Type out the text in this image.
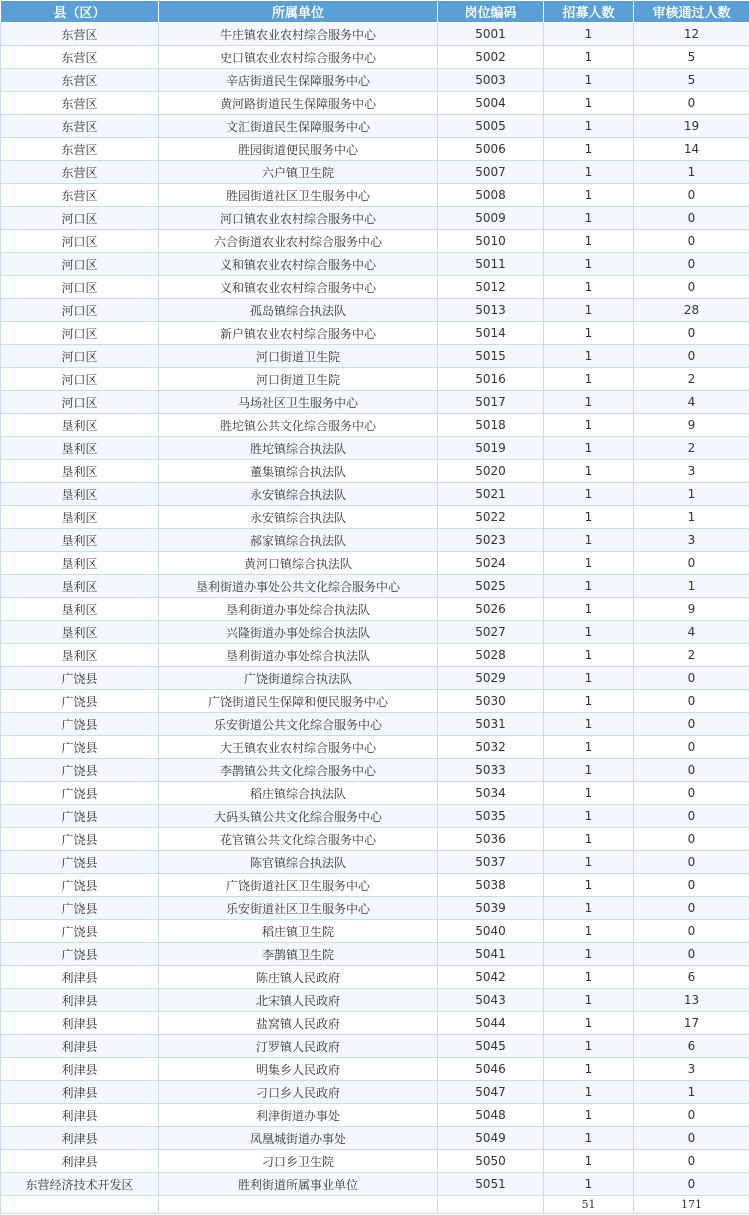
县（区）	所属单位	岗位编码	招募人数	审核通过人数
东营区	牛庄镇农业农村综合服务中心	5001	1	12
东营区	史口镇农业农村综合服务中心	5002	1	5
东营区	辛店街道民生保障服务中心	5003	1	5
东营区	黄河路街道民生保障服务中心	5004	1	0
东营区	文汇街道民生保障服务中心	5005	1	19
东营区	胜园街道便民服务中心	5006	1	14
东营区	六户镇卫生院	5007	1	1
东营区	胜园街道社区卫生服务中心	5008	1	0
河口区	河口镇农业农村综合服务中心	5009	1	0
河口区	六合街道农业农村综合服务中心	5010	1	0
河口区	义和镇农业农村综合服务中心	5011	1	0
河口区	义和镇农业农村综合服务中心	5012	1	0
河口区	孤岛镇综合执法队	5013	1	28
河口区	新户镇农业农村综合服务中心	5014	1	0
河口区	河口街道卫生院	5015	1	0
河口区	河口街道卫生院	5016	1	2
河口区	马场社区卫生服务中心	5017	1	4
垦利区	胜坨镇公共文化综合服务中心	5018	1	9
垦利区	胜坨镇综合执法队	5019	1	2
垦利区	董集镇综合执法队	5020	1	3
垦利区	永安镇综合执法队	5021	1	1
垦利区	永安镇综合执法队	5022	1	1
垦利区	郝家镇综合执法队	5023	1	3
垦利区	黄河口镇综合执法队	5024	1	0
垦利区	垦利街道办事处公共文化综合服务中心	5025	1	1
垦利区	垦利街道办事处综合执法队	5026	1	9
垦利区	兴隆街道办事处综合执法队	5027	1	4
垦利区	垦利街道办事处综合执法队	5028	1	2
广饶县	广饶街道综合执法队	5029	1	0
广饶县	广饶街道民生保障和便民服务中心	5030	1	0
广饶县	乐安街道公共文化综合服务中心	5031	1	0
广饶县	大王镇农业农村综合服务中心	5032	1	0
广饶县	李鹊镇公共文化综合服务中心	5033	1	0
广饶县	稻庄镇综合执法队	5034	1	0
广饶县	大码头镇公共文化综合服务中心	5035	1	0
广饶县	花官镇公共文化综合服务中心	5036	1	0
广饶县	陈官镇综合执法队	5037	1	0
广饶县	广饶街道社区卫生服务中心	5038	1	0
广饶县	乐安街道社区卫生服务中心	5039	1	0
广饶县	稻庄镇卫生院	5040	1	0
广饶县	李鹊镇卫生院	5041	1	0
利津县	陈庄镇人民政府	5042	1	6
利津县	北宋镇人民政府	5043	1	13
利津县	盐窝镇人民政府	5044	1	17
利津县	汀罗镇人民政府	5045	1	6
利津县	明集乡人民政府	5046	1	3
利津县	刁口乡人民政府	5047	1	1
利津县	利津街道办事处	5048	1	0
利津县	凤凰城街道办事处	5049	1	0
利津县	刁口乡卫生院	5050	1	0
东营经济技术开发区	胜利街道所属事业单位	5051	1	0
			51	171
